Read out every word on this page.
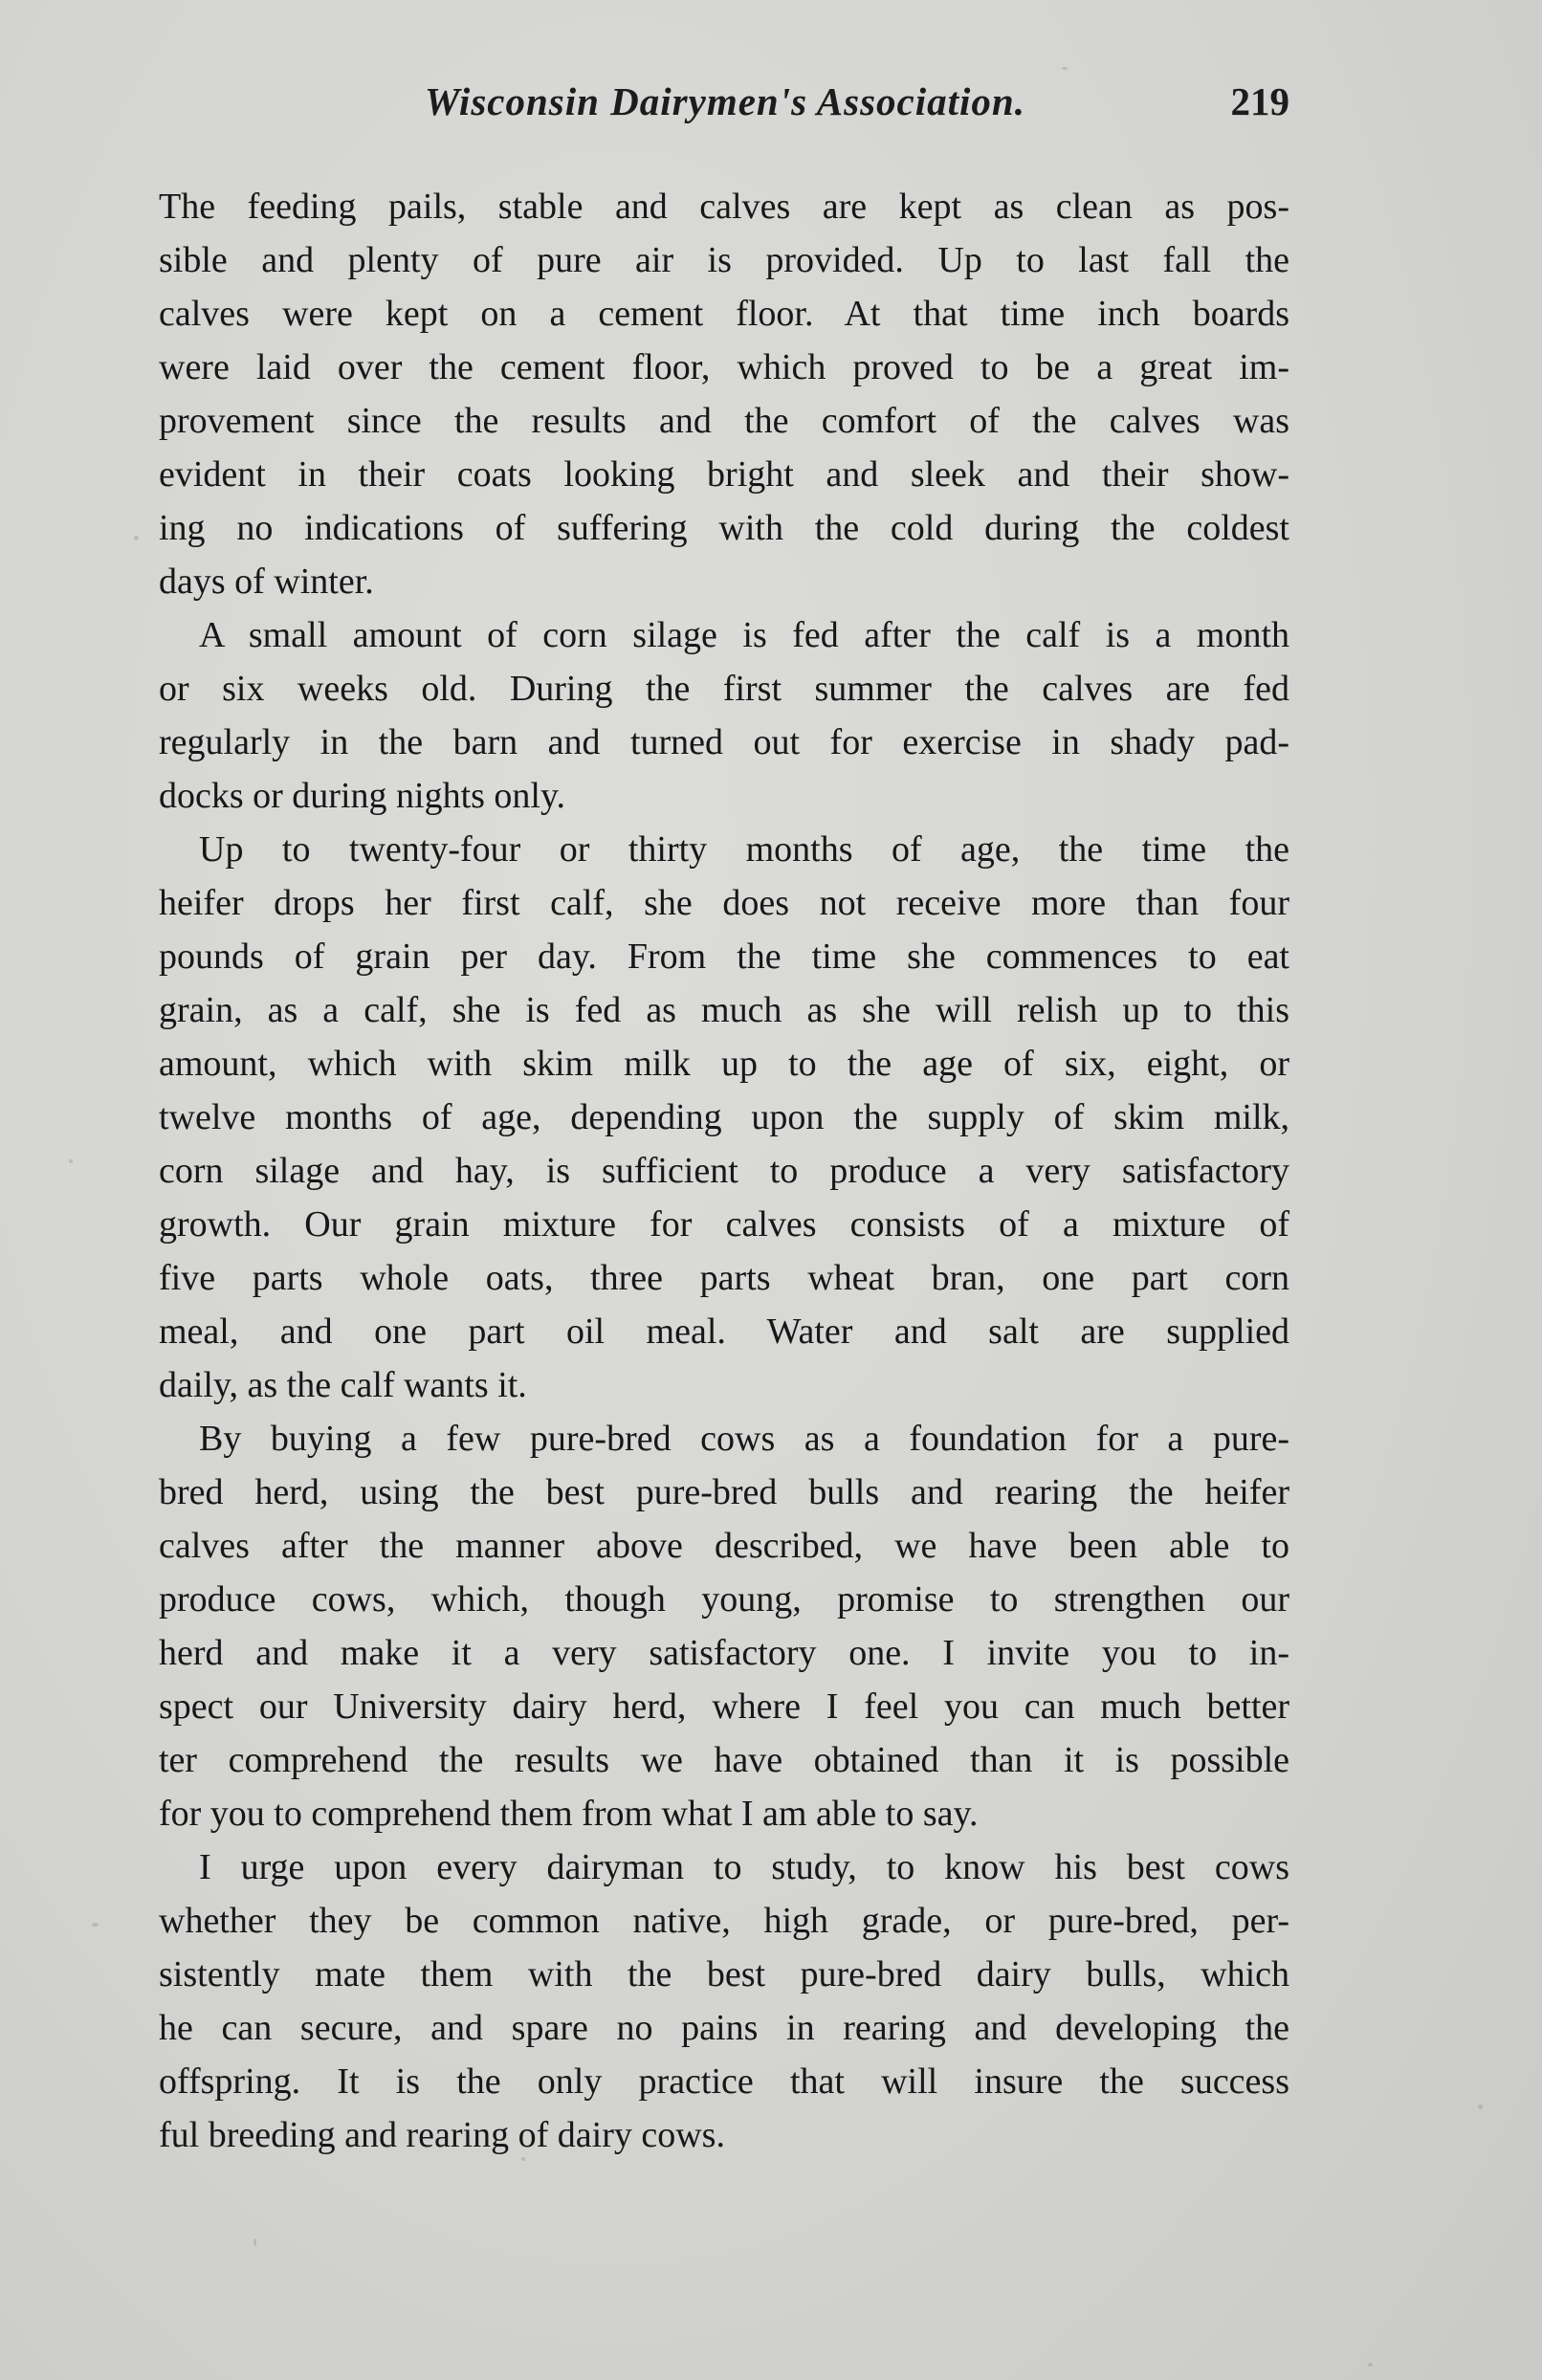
Wisconsin Dairymen's Association.	219
The feeding pails, stable and calves are kept as clean as pos-
sible and plenty of pure air is provided. Up to last fall the
calves were kept on a cement floor. At that time inch boards
were laid over the cement floor, which proved to be a great im-
provement since the results and the comfort of the calves was
evident in their coats looking bright and sleek and their show-
ing no indications of suffering with the cold during the coldest
days of winter.
A small amount of corn silage is fed after the calf is a month
or six weeks old. During the first summer the calves are fed
regularly in the barn and turned out for exercise in shady pad-
docks or during nights only.
Up to twenty-four or thirty months of age, the time the
heifer drops her first calf, she does not receive more than four
pounds of grain per day. From the time she commences to eat
grain, as a calf, she is fed as much as she will relish up to this
amount, which with skim milk up to the age of six, eight, or
twelve months of age, depending upon the supply of skim milk,
corn silage and hay, is sufficient to produce a very satisfactory
growth. Our grain mixture for calves consists of a mixture of
five parts whole oats, three parts wheat bran, one part corn
meal, and one part oil meal. Water and salt are supplied
daily, as the calf wants it.
By buying a few pure-bred cows as a foundation for a pure-
bred herd, using the best pure-bred bulls and rearing the heifer
calves after the manner above described, we have been able to
produce cows, which, though young, promise to strengthen our
herd and make it a very satisfactory one. I invite you to in-
spect our University dairy herd, where I feel you can much better
ter comprehend the results we have obtained than it is possible
for you to comprehend them from what I am able to say.
I urge upon every dairyman to study, to know his best cows
whether they be common native, high grade, or pure-bred, per-
sistently mate them with the best pure-bred dairy bulls, which
he can secure, and spare no pains in rearing and developing the
offspring. It is the only practice that will insure the success
ful breeding and rearing of dairy cows.
